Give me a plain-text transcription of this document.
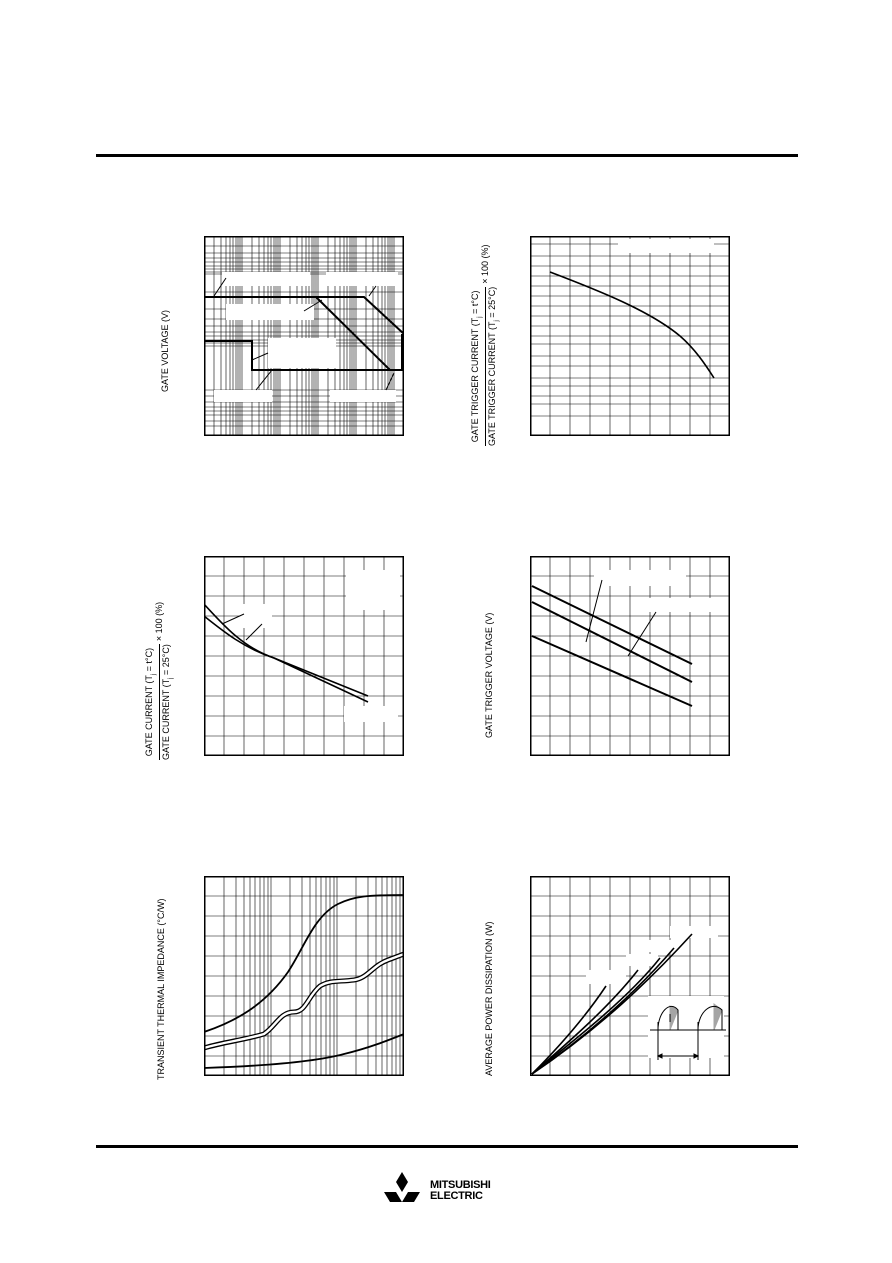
GATE VOLTAGE (V)	GATE TRIGGER CURRENT $(T_j = t^\circ C)$
GATE TRIGGER CURRENT $(T_j = 25^\circ C)$
× 100 (%)
GATE CURRENT $(T_j = t^\circ C)$
GATE CURRENT $(T_j = 25^\circ C)$
× 100 (%)	GATE TRIGGER VOLTAGE (V)
TRANSIENT THERMAL IMPEDANCE (°C/W)	AVERAGE POWER DISSIPATION (W)
MITSUBISHI
ELECTRIC
